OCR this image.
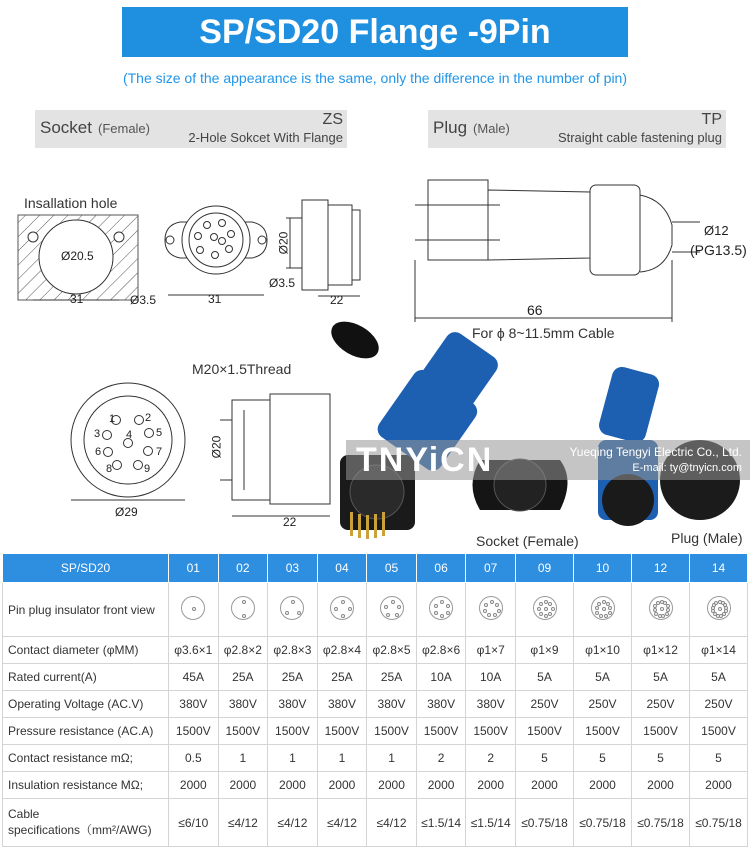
SP/SD20 Flange -9Pin
(The size of the appearance is the same, only the difference in the number of pin)
Socket (Female)
ZS
2-Hole Sokcet With Flange
Plug (Male)
TP
Straight cable fastening plug
Insallation hole
Ø20.5
31	Ø3.5	31
Ø3.5
Ø20
22
Ø12
(PG13.5)
66
For ϕ 8~11.5mm Cable
M20×1.5Thread
Ø29
Ø20
22
1	2
3 4 5
6	7
8	9	TNYiCN	Yueqing Tengyi Electric Co., Ltd.
E-mail: ty@tnyicn.com
Socket (Female)	Plug (Male)
SP/SD20	01	02	03	04	05	06	07	09	10	12	14
Pin plug insulator front view	

Contact diameter (φMM)	φ3.6×1	φ2.8×2	φ2.8×3	φ2.8×4	φ2.8×5	φ2.8×6	φ1×7	φ1×9	φ1×10	φ1×12	φ1×14
Rated current(A)	45A	25A	25A	25A	25A	10A	10A	5A	5A	5A	5A
Operating Voltage (AC.V)	380V	380V	380V	380V	380V	380V	380V	250V	250V	250V	250V
Pressure resistance (AC.A)	1500V	1500V	1500V	1500V	1500V	1500V	1500V	1500V	1500V	1500V	1500V
Contact resistance mΩ;	0.5	1	1	1	1	2	2	5	5	5	5
Insulation resistance MΩ;	2000	2000	2000	2000	2000	2000	2000	2000	2000	2000	2000

Cable
specifications（mm²/AWG)	≤6/10	≤4/12	≤4/12	≤4/12	≤4/12	≤1.5/14	≤1.5/14	≤0.75/18	≤0.75/18	≤0.75/18	≤0.75/18
